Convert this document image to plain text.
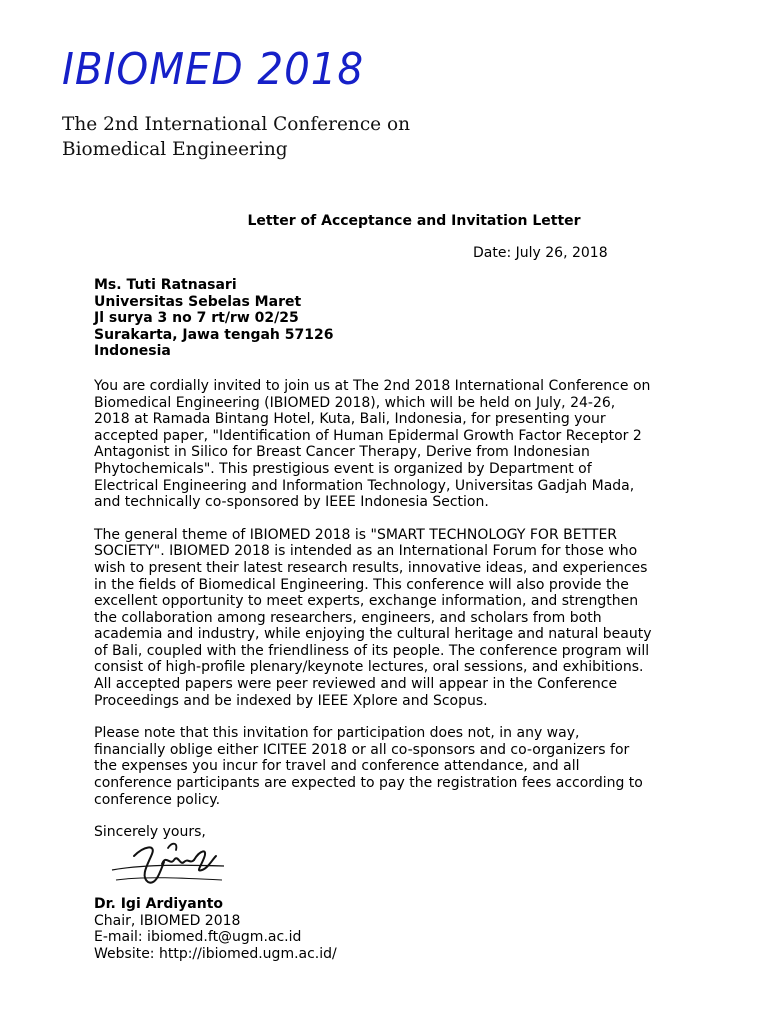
IBIOMED 2018
The 2nd International Conference on
Biomedical Engineering
Letter of Acceptance and Invitation Letter
Date: July 26, 2018

Ms. Tuti Ratnasari

Universitas Sebelas Maret

Jl surya 3 no 7 rt/rw 02/25

Surakarta, Jawa tengah 57126

Indonesia

You are cordially invited to join us at The 2nd 2018 International Conference on Biomedical Engineering (IBIOMED 2018), which will be held on July, 24-26, 2018 at Ramada Bintang Hotel, Kuta, Bali, Indonesia, for presenting your accepted paper, "Identification of Human Epidermal Growth Factor Receptor 2 Antagonist in Silico for Breast Cancer Therapy, Derive from Indonesian Phytochemicals". This prestigious event is organized by Department of Electrical Engineering and Information Technology, Universitas Gadjah Mada, and technically co-sponsored by IEEE Indonesia Section.

The general theme of IBIOMED 2018 is "SMART TECHNOLOGY FOR BETTER SOCIETY". IBIOMED 2018 is intended as an International Forum for those who wish to present their latest research results, innovative ideas, and experiences in the fields of Biomedical Engineering. This conference will also provide the excellent opportunity to meet experts, exchange information, and strengthen the collaboration among researchers, engineers, and scholars from both academia and industry, while enjoying the cultural heritage and natural beauty of Bali, coupled with the friendliness of its people. The conference program will consist of high-profile plenary/keynote lectures, oral sessions, and exhibitions. All accepted papers were peer reviewed and will appear in the Conference Proceedings and be indexed by IEEE Xplore and Scopus.

Please note that this invitation for participation does not, in any way, financially oblige either ICITEE 2018 or all co-sponsors and co-organizers for the expenses you incur for travel and conference attendance, and all conference participants are expected to pay the registration fees according to conference policy.

Sincerely yours,

Dr. Igi Ardiyanto

Chair, IBIOMED 2018

E-mail: ibiomed.ft@ugm.ac.id

Website: http://ibiomed.ugm.ac.id/
